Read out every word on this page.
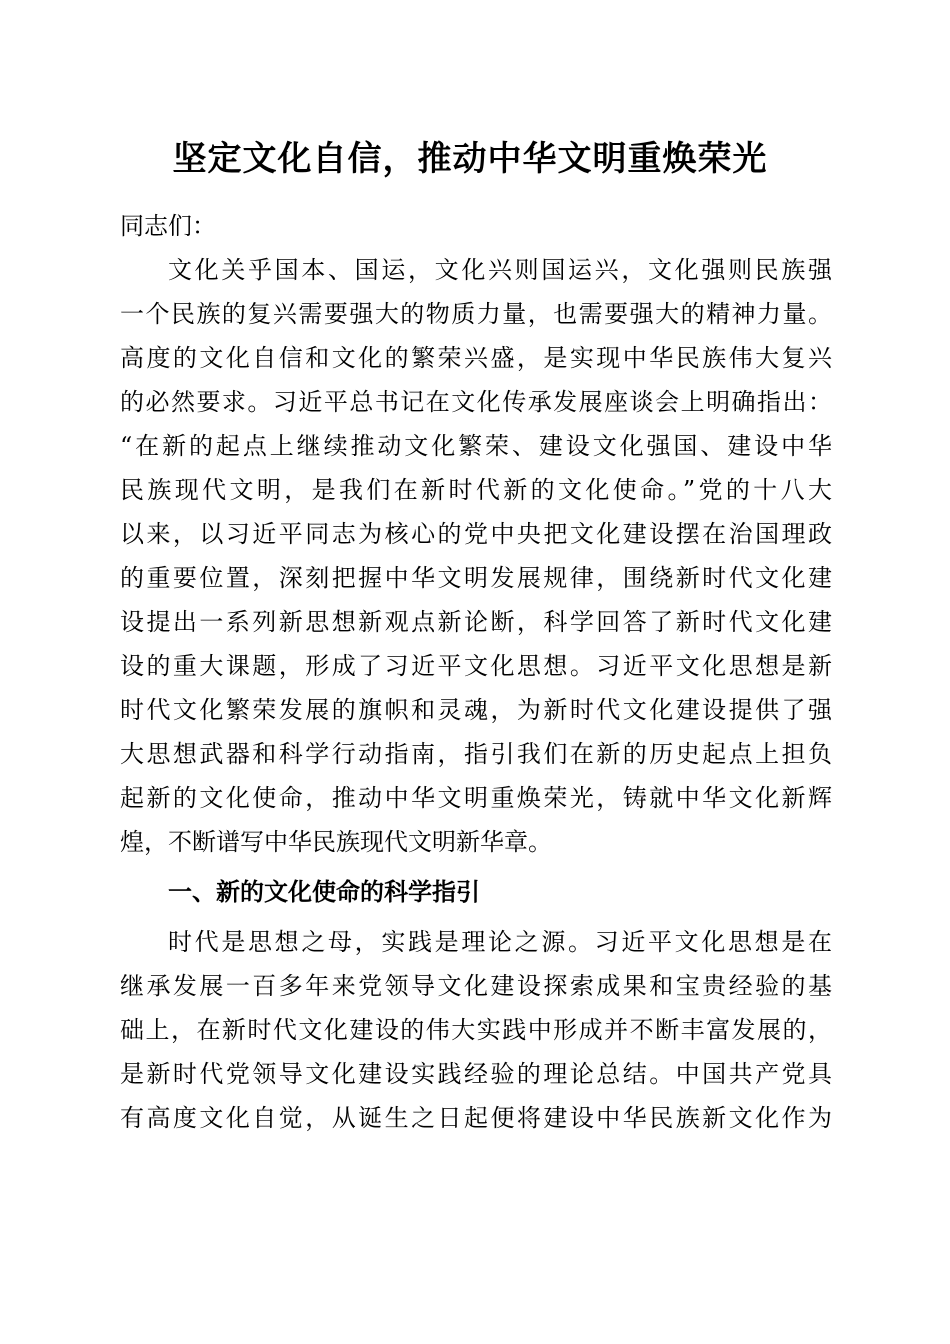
坚定文化自信，推动中华文明重焕荣光
同志们：
文化关乎国本、国运，文化兴则国运兴，文化强则民族强
一个民族的复兴需要强大的物质力量，也需要强大的精神力量。
高度的文化自信和文化的繁荣兴盛，是实现中华民族伟大复兴
的必然要求。习近平总书记在文化传承发展座谈会上明确指出：
“在新的起点上继续推动文化繁荣、建设文化强国、建设中华
民族现代文明，是我们在新时代新的文化使命。”党的十八大
以来，以习近平同志为核心的党中央把文化建设摆在治国理政
的重要位置，深刻把握中华文明发展规律，围绕新时代文化建
设提出一系列新思想新观点新论断，科学回答了新时代文化建
设的重大课题，形成了习近平文化思想。习近平文化思想是新
时代文化繁荣发展的旗帜和灵魂，为新时代文化建设提供了强
大思想武器和科学行动指南，指引我们在新的历史起点上担负
起新的文化使命，推动中华文明重焕荣光，铸就中华文化新辉
煌，不断谱写中华民族现代文明新华章。
一、新的文化使命的科学指引
时代是思想之母，实践是理论之源。习近平文化思想是在
继承发展一百多年来党领导文化建设探索成果和宝贵经验的基
础上，在新时代文化建设的伟大实践中形成并不断丰富发展的，
是新时代党领导文化建设实践经验的理论总结。中国共产党具
有高度文化自觉，从诞生之日起便将建设中华民族新文化作为
